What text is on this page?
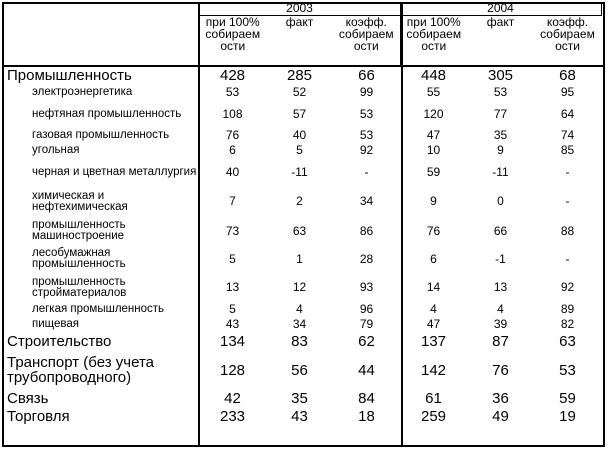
	2003			2004		
	при 100% собираем ости	факт	коэфф. собираем ости	при 100% собираем ости	факт	коэфф. собираем ости
Промышленность	428	285	66	448	305	68
электроэнергетика	53	52	99	55	53	95
нефтяная промышленность	108	57	53	120	77	64
газовая промышленность	76	40	53	47	35	74
угольная	6	5	92	10	9	85
черная и цветная металлургия	40	-11	-	59	-11	-
химическая и нефтехимическая	7	2	34	9	0	-
промышленность машиностроение	73	63	86	76	66	88
лесобумажная промышленность	5	1	28	6	-1	-
промышленность стройматериалов	13	12	93	14	13	92
легкая промышленность	5	4	96	4	4	89
пищевая	43	34	79	47	39	82
Строительство	134	83	62	137	87	63
Транспорт (без учета трубопроводного)	128	56	44	142	76	53
Связь	42	35	84	61	36	59
Торговля	233	43	18	259	49	19
